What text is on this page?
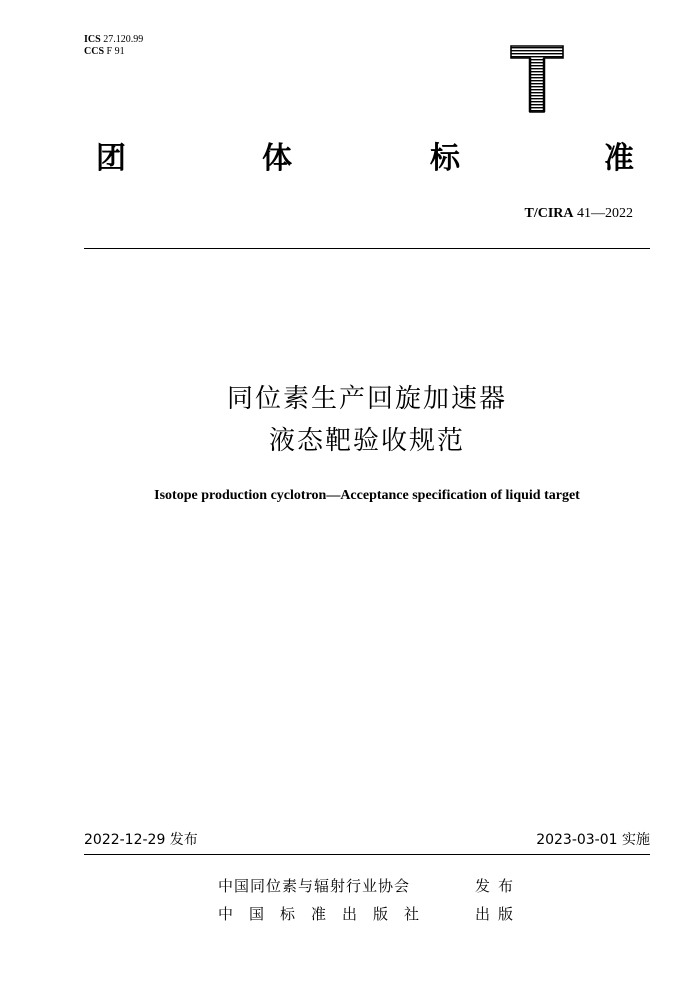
ICS 27.120.99
CCS F 91
团	体	标	准
T/CIRA 41—2022
同位素生产回旋加速器
液态靶验收规范
Isotope production cyclotron—Acceptance specification of liquid target
2022-12-29 发布	2023-03-01 实施
中国同位素与辐射行业协会	发布
中国标准出版社	出版
